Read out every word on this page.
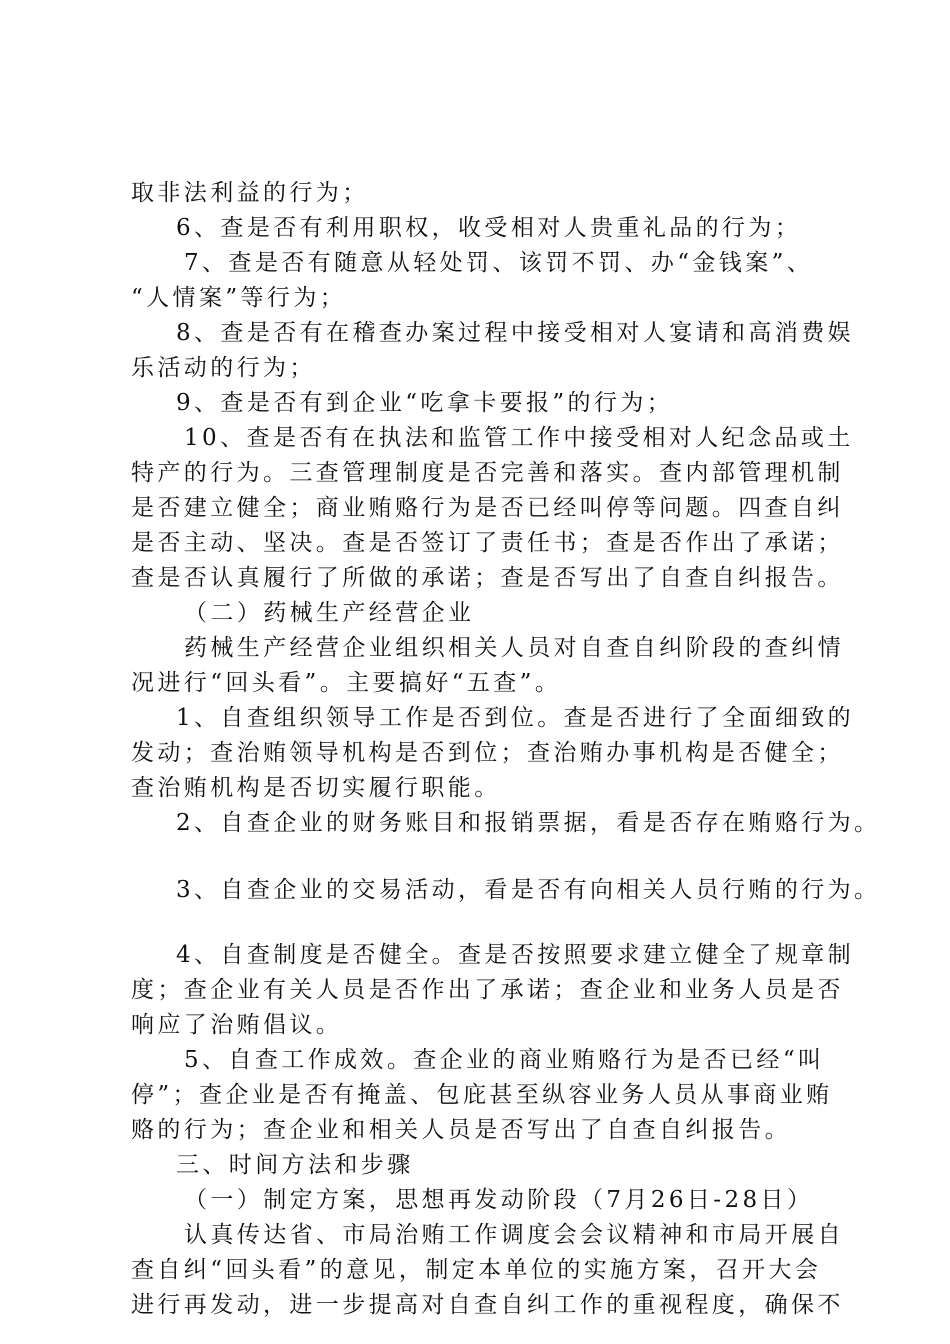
取非法利益的行为；
6、查是否有利用职权，收受相对人贵重礼品的行为；
7、查是否有随意从轻处罚、该罚不罚、办“金钱案”、
“人情案”等行为；
8、查是否有在稽查办案过程中接受相对人宴请和高消费娱
乐活动的行为；
9、查是否有到企业“吃拿卡要报”的行为；
10、查是否有在执法和监管工作中接受相对人纪念品或土
特产的行为。三查管理制度是否完善和落实。查内部管理机制
是否建立健全；商业贿赂行为是否已经叫停等问题。四查自纠
是否主动、坚决。查是否签订了责任书；查是否作出了承诺；
查是否认真履行了所做的承诺；查是否写出了自查自纠报告。
（二）药械生产经营企业
药械生产经营企业组织相关人员对自查自纠阶段的查纠情
况进行“回头看”。主要搞好“五查”。
1、自查组织领导工作是否到位。查是否进行了全面细致的
发动；查治贿领导机构是否到位；查治贿办事机构是否健全；
查治贿机构是否切实履行职能。
2、自查企业的财务账目和报销票据，看是否存在贿赂行为。
3、自查企业的交易活动，看是否有向相关人员行贿的行为。
4、自查制度是否健全。查是否按照要求建立健全了规章制
度；查企业有关人员是否作出了承诺；查企业和业务人员是否
响应了治贿倡议。
5、自查工作成效。查企业的商业贿赂行为是否已经“叫
停”；查企业是否有掩盖、包庇甚至纵容业务人员从事商业贿
赂的行为；查企业和相关人员是否写出了自查自纠报告。
三、时间方法和步骤
（一）制定方案，思想再发动阶段（7月26日-28日）
认真传达省、市局治贿工作调度会会议精神和市局开展自
查自纠“回头看”的意见，制定本单位的实施方案，召开大会
进行再发动，进一步提高对自查自纠工作的重视程度，确保不
